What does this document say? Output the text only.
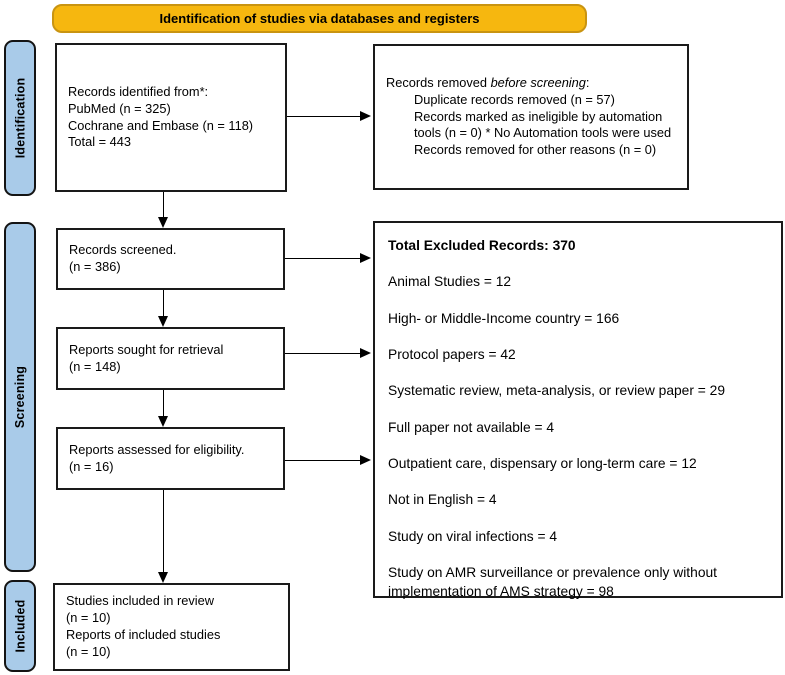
Identification of studies via databases and registers
Identification
Screening
Included
Records identified from*:
PubMed (n = 325)
Cochrane and Embase (n = 118)
Total = 443
Records removed before screening:
Duplicate records removed (n = 57)
Records marked as ineligible by automation tools (n = 0) * No Automation tools were used
Records removed for other reasons (n = 0)
Records screened.
(n = 386)
Reports sought for retrieval
(n = 148)
Reports assessed for eligibility.
(n = 16)
Studies included in review
(n = 10)
Reports of included studies
(n = 10)

Total Excluded Records: 370

Animal Studies = 12

High- or Middle-Income country = 166

Protocol papers = 42

Systematic review, meta-analysis, or review paper = 29

Full paper not available = 4

Outpatient care, dispensary or long-term care = 12

Not in English = 4

Study on viral infections = 4

Study on AMR surveillance or prevalence only without implementation of AMS strategy = 98
